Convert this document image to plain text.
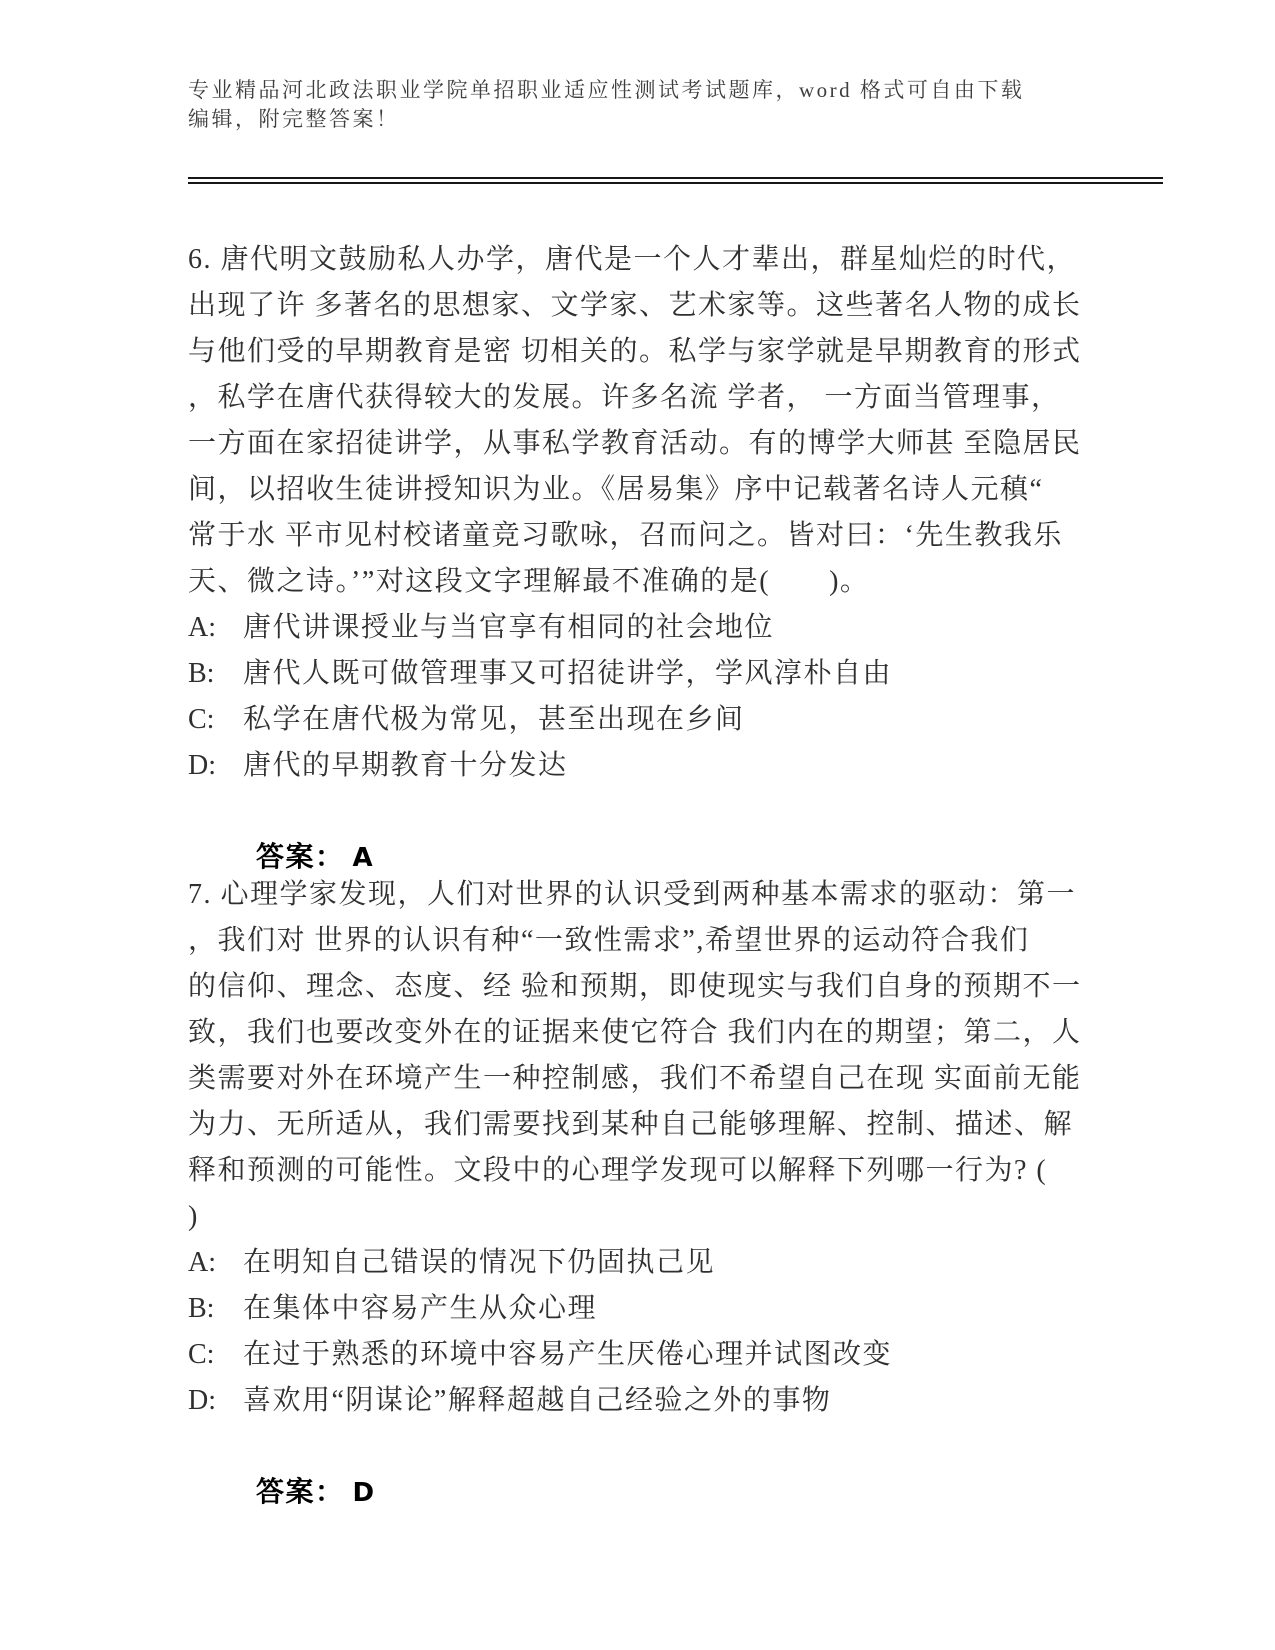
专业精品河北政法职业学院单招职业适应性测试考试题库，word 格式可自由下载
编辑，附完整答案！
6. 唐代明文鼓励私人办学，唐代是一个人才辈出，群星灿烂的时代，
出现了许 多著名的思想家、文学家、艺术家等。这些著名人物的成长
与他们受的早期教育是密 切相关的。私学与家学就是早期教育的形式
，私学在唐代获得较大的发展。许多名流 学者， 一方面当管理事，
一方面在家招徒讲学，从事私学教育活动。有的博学大师甚 至隐居民
间，以招收生徒讲授知识为业。《居易集》序中记载著名诗人元稹“
常于水 平市见村校诸童竞习歌咏，召而问之。皆对曰：‘先生教我乐
天、微之诗。’”对这段文字理解最不准确的是(　　)。
A: 唐代讲课授业与当官享有相同的社会地位
B:	唐代人既可做管理事又可招徒讲学，学风淳朴自由
C:	私学在唐代极为常见，甚至出现在乡间
D: 唐代的早期教育十分发达

答案： A

7. 心理学家发现，人们对世界的认识受到两种基本需求的驱动：第一
，我们对 世界的认识有种“一致性需求”,希望世界的运动符合我们
的信仰、理念、态度、经 验和预期，即使现实与我们自身的预期不一
致，我们也要改变外在的证据来使它符合 我们内在的期望；第二，人
类需要对外在环境产生一种控制感，我们不希望自己在现 实面前无能
为力、无所适从，我们需要找到某种自己能够理解、控制、描述、解
释和预测的可能性。文段中的心理学发现可以解释下列哪一行为? (
)
A: 在明知自己错误的情况下仍固执己见
B:	在集体中容易产生从众心理
C:	在过于熟悉的环境中容易产生厌倦心理并试图改变
D: 喜欢用“阴谋论”解释超越自己经验之外的事物

答案： D
